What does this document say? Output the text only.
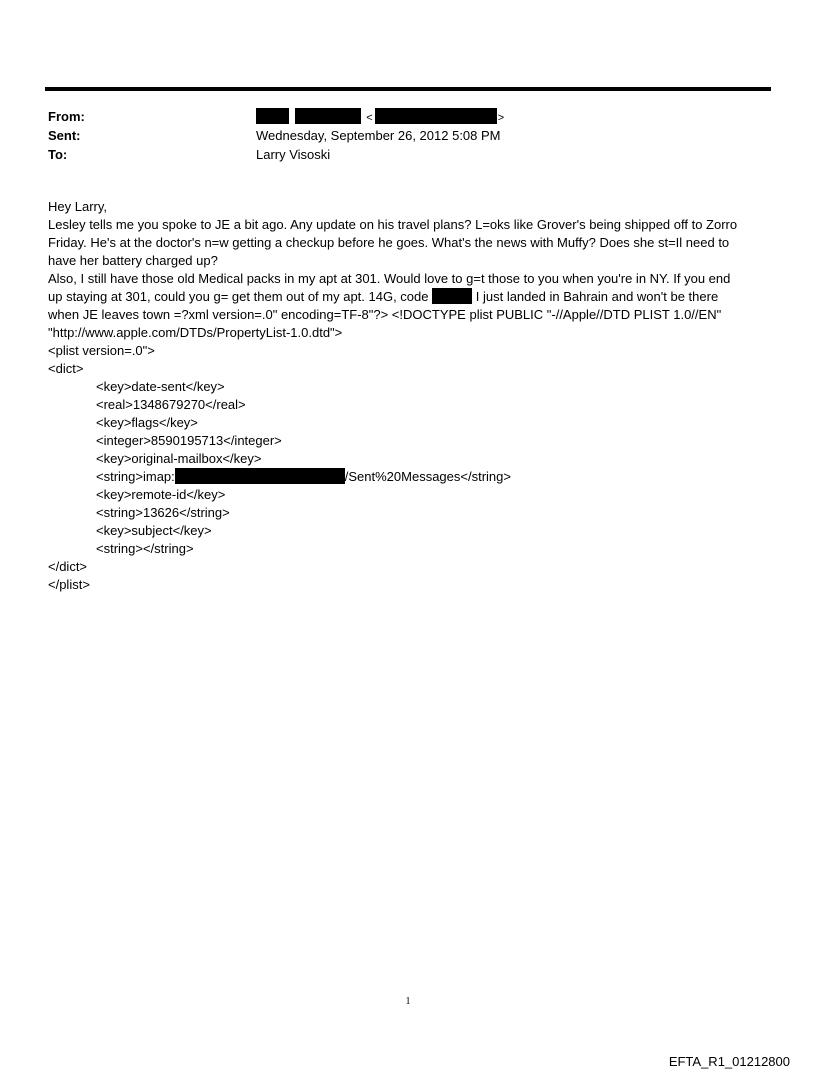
From:	<	>
Sent:	Wednesday, September 26, 2012 5:08 PM
To:	Larry Visoski
Hey Larry,
Lesley tells me you spoke to JE a bit ago. Any update on his travel plans? L=oks like Grover's being shipped off to Zorro
Friday. He's at the doctor's n=w getting a checkup before he goes. What's the news with Muffy? Does she st=Il need to
have her battery charged up?
Also, I still have those old Medical packs in my apt at 301. Would love to g=t those to you when you're in NY. If you end
up staying at 301, could you g= get them out of my apt. 14G, code	I just landed in Bahrain and won't be there
when JE leaves town =?xml version=.0" encoding=TF-8"?> <!DOCTYPE plist PUBLIC "-//Apple//DTD PLIST 1.0//EN"
"http://www.apple.com/DTDs/PropertyList-1.0.dtd">
<plist version=.0">
<dict>
<key>date-sent</key>
<real>1348679270</real>
<key>flags</key>
<integer>8590195713</integer>
<key>original-mailbox</key>
<string>imap:	/Sent%20Messages</string>
<key>remote-id</key>
<string>13626</string>
<key>subject</key>
<string></string>
</dict>
</plist>
1
EFTA_R1_01212800
